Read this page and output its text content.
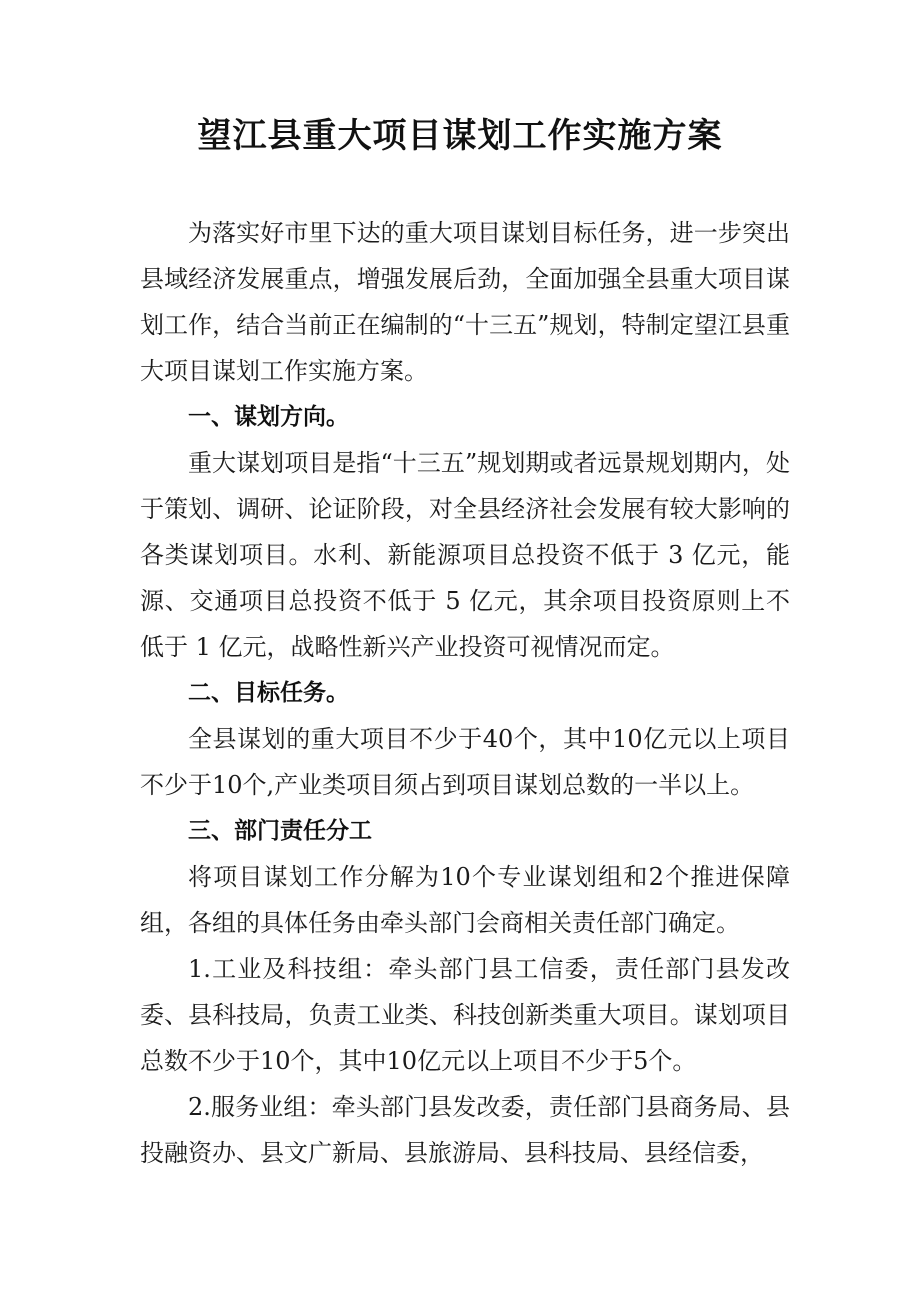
望江县重大项目谋划工作实施方案

为落实好市里下达的重大项目谋划目标任务，进一步突出县域经济发展重点，增强发展后劲，全面加强全县重大项目谋划工作，结合当前正在编制的“十三五”规划，特制定望江县重大项目谋划工作实施方案。

一、谋划方向。

重大谋划项目是指“十三五”规划期或者远景规划期内，处于策划、调研、论证阶段，对全县经济社会发展有较大影响的各类谋划项目。水利、新能源项目总投资不低于 3 亿元，能源、交通项目总投资不低于 5 亿元，其余项目投资原则上不低于 1 亿元，战略性新兴产业投资可视情况而定。

二、目标任务。

全县谋划的重大项目不少于40个，其中10亿元以上项目不少于10个,产业类项目须占到项目谋划总数的一半以上。

三、部门责任分工

将项目谋划工作分解为10个专业谋划组和2个推进保障组，各组的具体任务由牵头部门会商相关责任部门确定。

1.工业及科技组：牵头部门县工信委，责任部门县发改委、县科技局，负责工业类、科技创新类重大项目。谋划项目总数不少于10个，其中10亿元以上项目不少于5个。

2.服务业组：牵头部门县发改委，责任部门县商务局、县投融资办、县文广新局、县旅游局、县科技局、县经信委，
